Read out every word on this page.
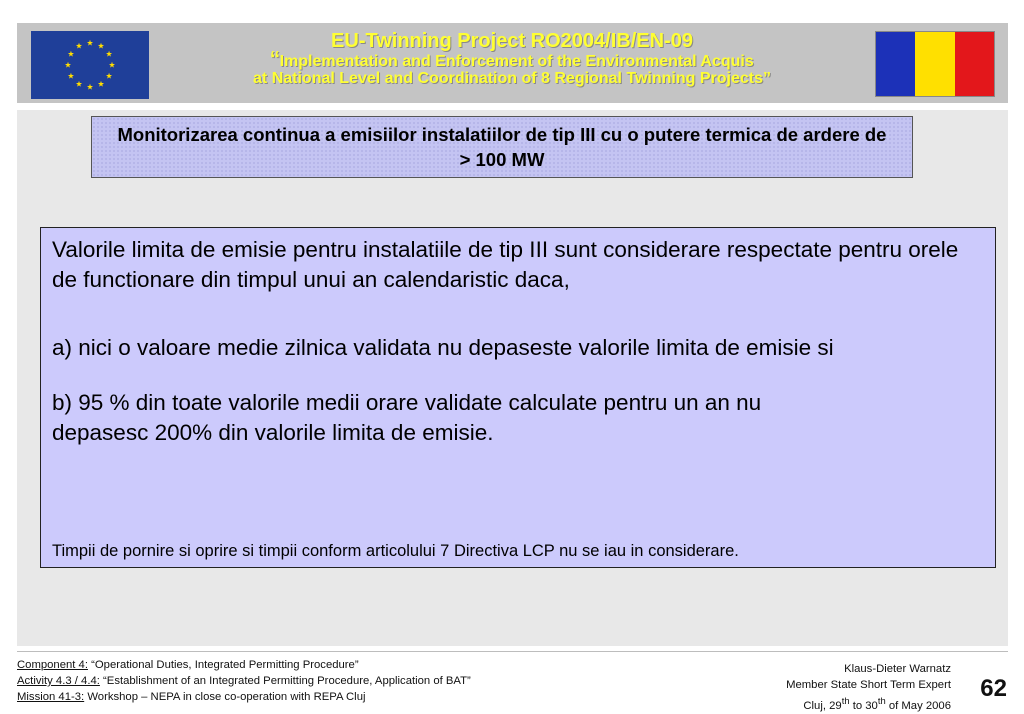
EU-Twinning Project RO2004/IB/EN-09
“Implementation and Enforcement of the Environmental Acquis
at National Level and Coordination of 8 Regional Twinning Projects”
Monitorizarea continua a emisiilor instalatiilor de tip III cu o putere termica de ardere de > 100 MW

Valorile limita de emisie pentru instalatiile de tip III sunt considerare respectate pentru orele de functionare din timpul unui an calendaristic daca,

a) nici o valoare medie zilnica validata nu depaseste valorile limita de emisie si

b) 95 % din toate valorile medii orare validate calculate pentru un an nu
depasesc 200% din valorile limita de emisie.

Timpii de pornire si oprire si timpii conform articolului 7 Directiva LCP nu se iau in considerare.
Component 4: “Operational Duties, Integrated Permitting Procedure”
Activity 4.3 / 4.4: “Establishment of an Integrated Permitting Procedure, Application of BAT”
Mission 41-3: Workshop – NEPA in close co-operation with REPA Cluj
Klaus-Dieter Warnatz
Member State Short Term Expert
Cluj, 29th to 30th of May 2006
62
